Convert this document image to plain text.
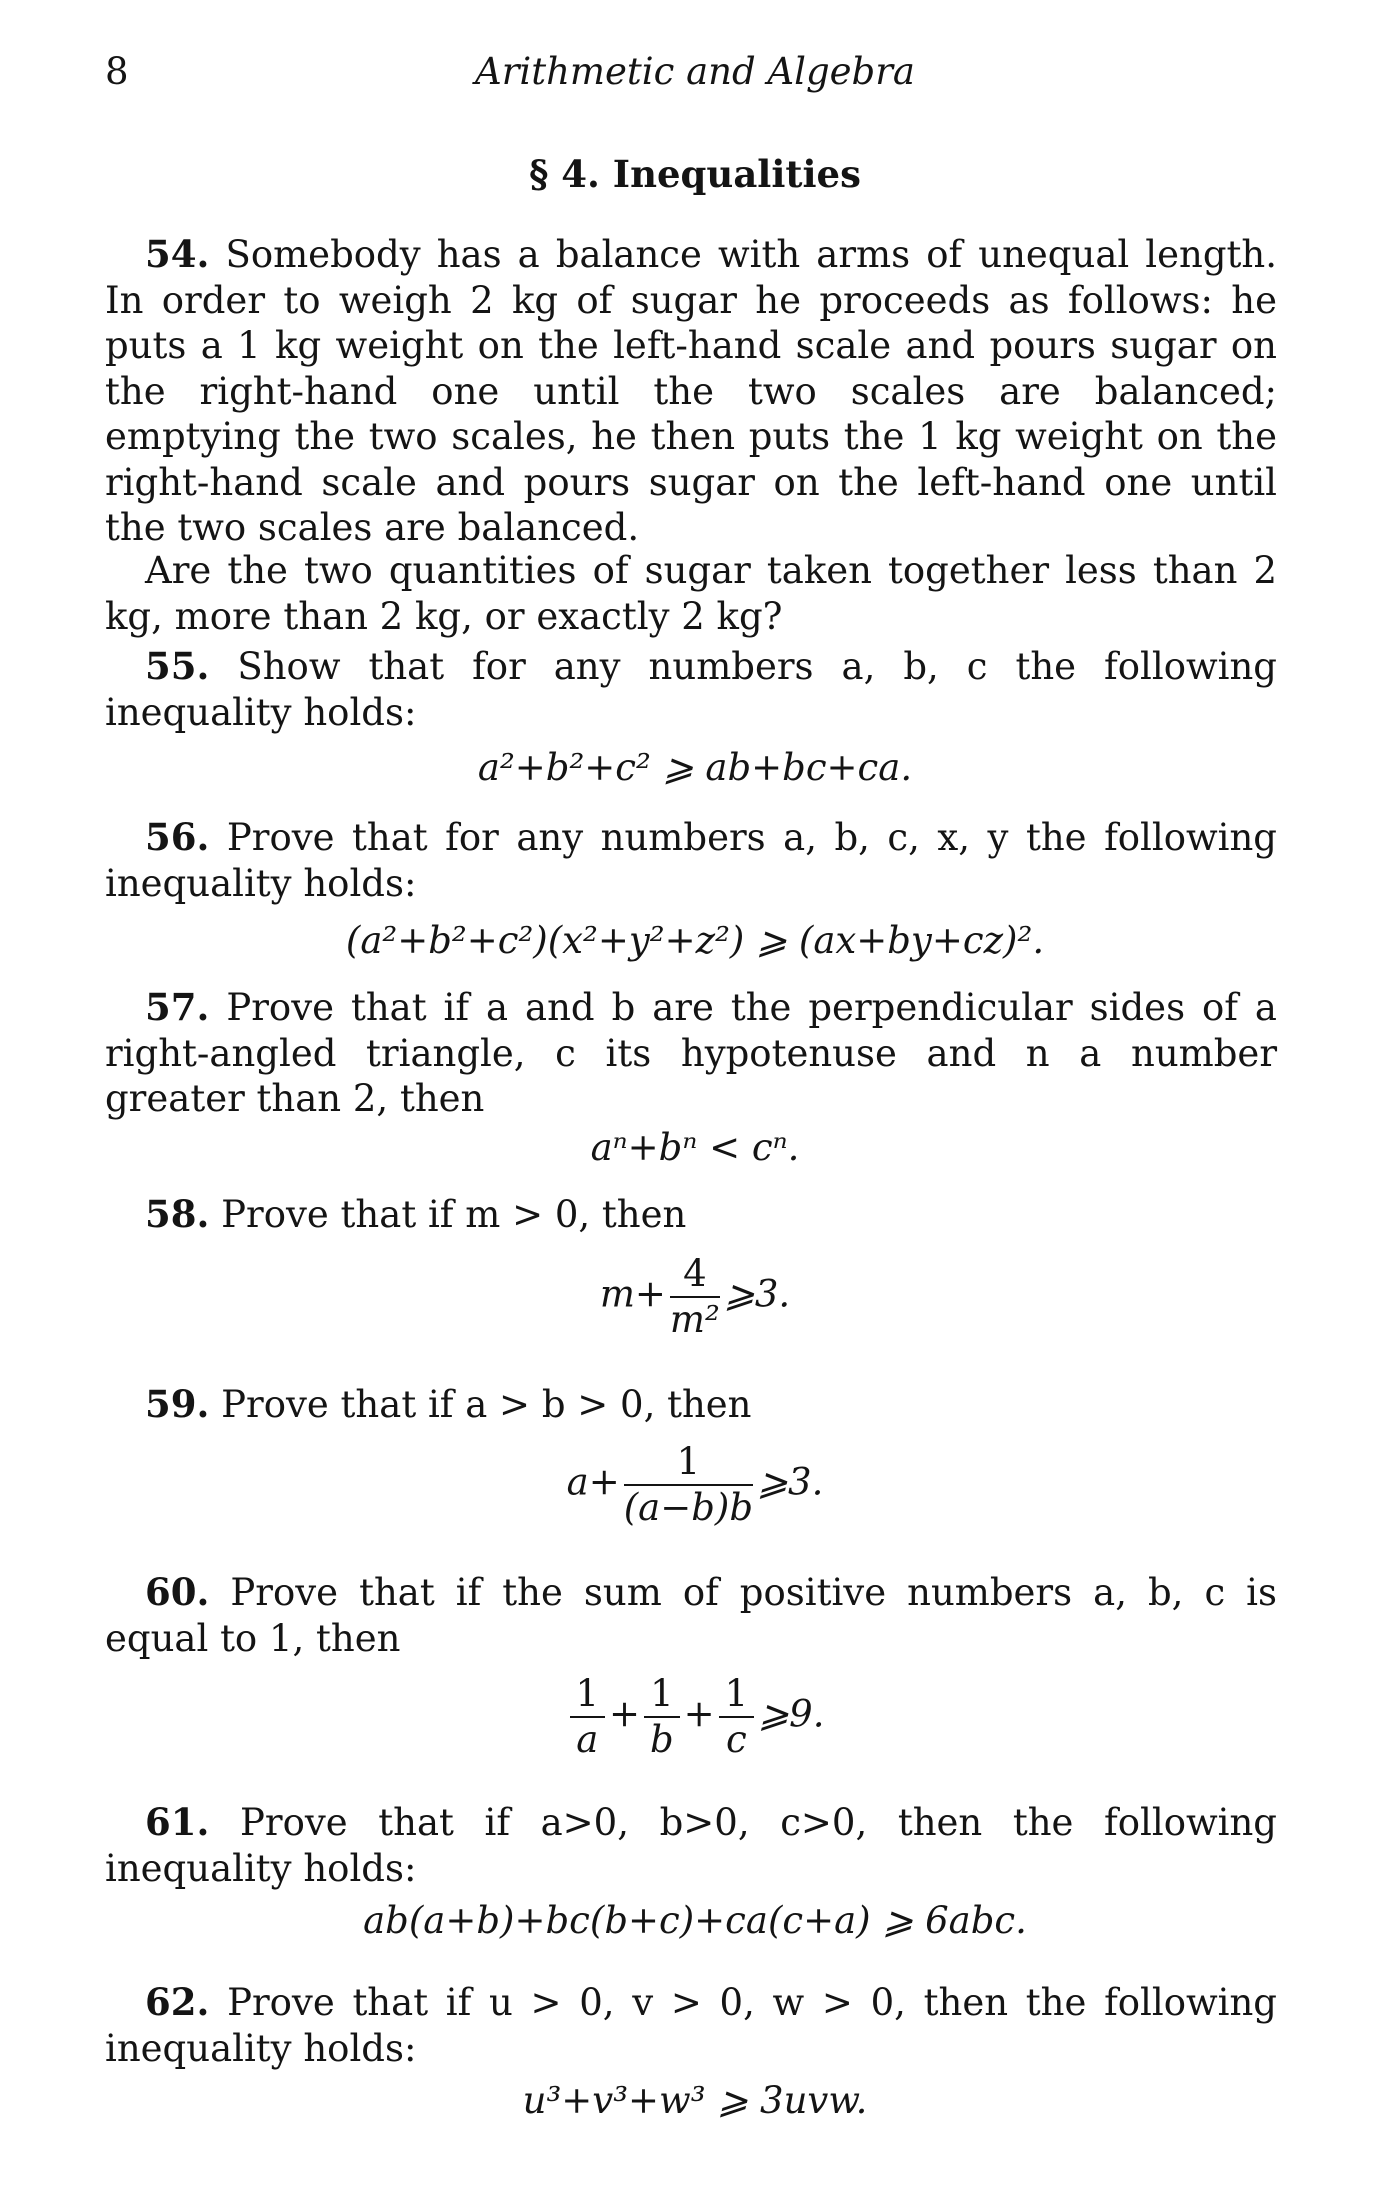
8	Arithmetic and Algebra
§ 4. Inequalities
54. Somebody has a balance with arms of unequal length. In order to weigh 2 kg of sugar he proceeds as follows: he puts a 1 kg weight on the left-hand scale and pours sugar on the right-hand one until the two scales are balanced; emptying the two scales, he then puts the 1 kg weight on the right-hand scale and pours sugar on the left-hand one until the two scales are balanced.
Are the two quantities of sugar taken together less than 2 kg, more than 2 kg, or exactly 2 kg?
55. Show that for any numbers a, b, c the following inequality holds:
a²+b²+c² ⩾ ab+bc+ca.
56. Prove that for any numbers a, b, c, x, y the following inequality holds:
(a²+b²+c²)(x²+y²+z²) ⩾ (ax+by+cz)².
57. Prove that if a and b are the perpendicular sides of a right-angled triangle, c its hypotenuse and n a number greater than 2, then
aⁿ+bⁿ < cⁿ.
58. Prove that if m > 0, then
$m+ \frac{4}{\text{m²}}$ ⩾3.
59. Prove that if a > b > 0, then
$a+ \frac{1}{(a-b)b}$ ⩾3.
60. Prove that if the sum of positive numbers a, b, c is equal to 1, then
$\frac{1}{a} + \frac{1}{b} + \frac{1}{c}$ ⩾9.
61. Prove that if a>0, b>0, c>0, then the following inequality holds:
ab(a+b)+bc(b+c)+ca(c+a) ⩾ 6abc.
62. Prove that if u > 0, v > 0, w > 0, then the following inequality holds:
u³+v³+w³ ⩾ 3uvw.
